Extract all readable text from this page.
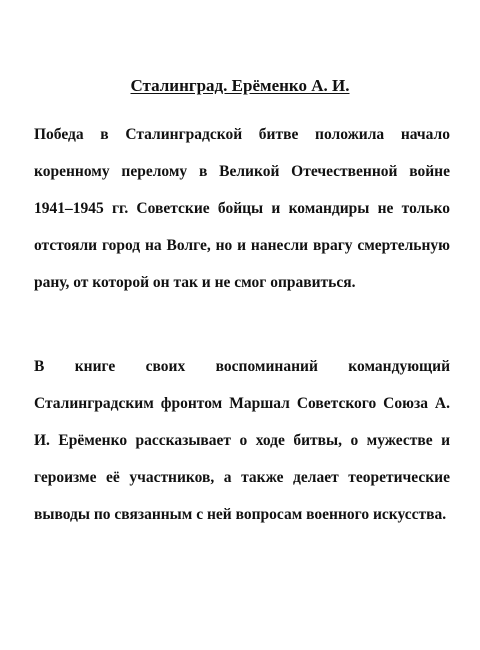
Сталинград. Ерёменко А. И.

Победа в Сталинградской битве положила начало коренному перелому в Великой Отечественной войне 1941–1945 гг. Советские бойцы и командиры не только отстояли город на Волге, но и нанесли врагу смертельную рану, от которой он так и не смог оправиться.

В книге своих воспоминаний командующий Сталинградским фронтом Маршал Советского Союза А. И. Ерёменко рассказывает о ходе битвы, о мужестве и героизме её участников, а также делает теоретические выводы по связанным с ней вопросам военного искусства.
